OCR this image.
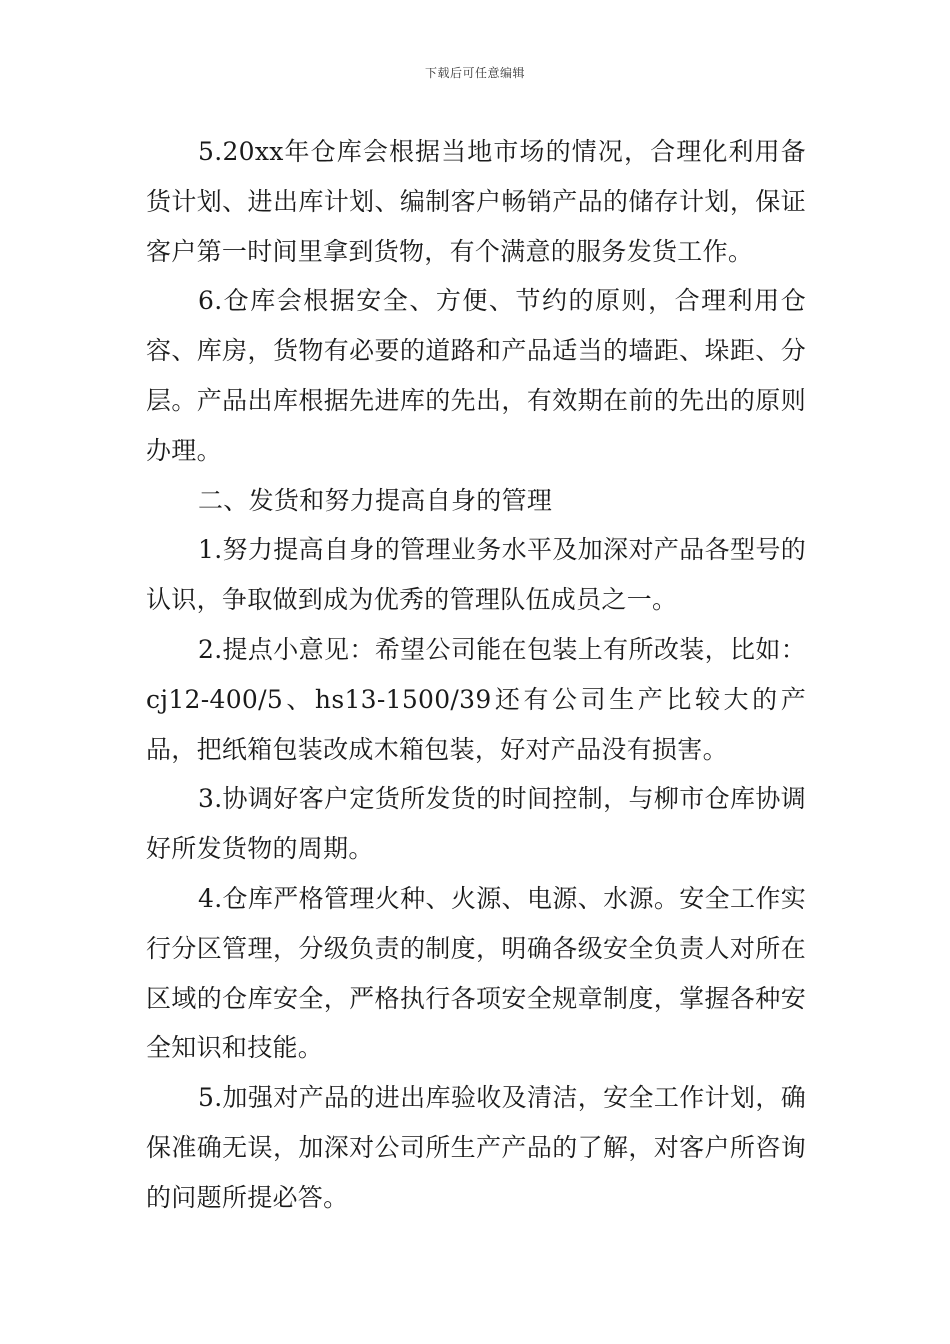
下载后可任意编辑

5.20xx年仓库会根据当地市场的情况，合理化利用备货计划、进出库计划、编制客户畅销产品的储存计划，保证客户第一时间里拿到货物，有个满意的服务发货工作。

6.仓库会根据安全、方便、节约的原则，合理利用仓容、库房，货物有必要的道路和产品适当的墙距、垛距、分层。产品出库根据先进库的先出，有效期在前的先出的原则办理。

二、发货和努力提高自身的管理

1.努力提高自身的管理业务水平及加深对产品各型号的认识，争取做到成为优秀的管理队伍成员之一。

2.提点小意见：希望公司能在包装上有所改装，比如：cj12-400/5、hs13-1500/39还有公司生产比较大的产品，把纸箱包装改成木箱包装，好对产品没有损害。

3.协调好客户定货所发货的时间控制，与柳市仓库协调好所发货物的周期。

4.仓库严格管理火种、火源、电源、水源。安全工作实行分区管理，分级负责的制度，明确各级安全负责人对所在区域的仓库安全，严格执行各项安全规章制度，掌握各种安全知识和技能。

5.加强对产品的进出库验收及清洁，安全工作计划，确保准确无误，加深对公司所生产产品的了解，对客户所咨询的问题所提必答。
